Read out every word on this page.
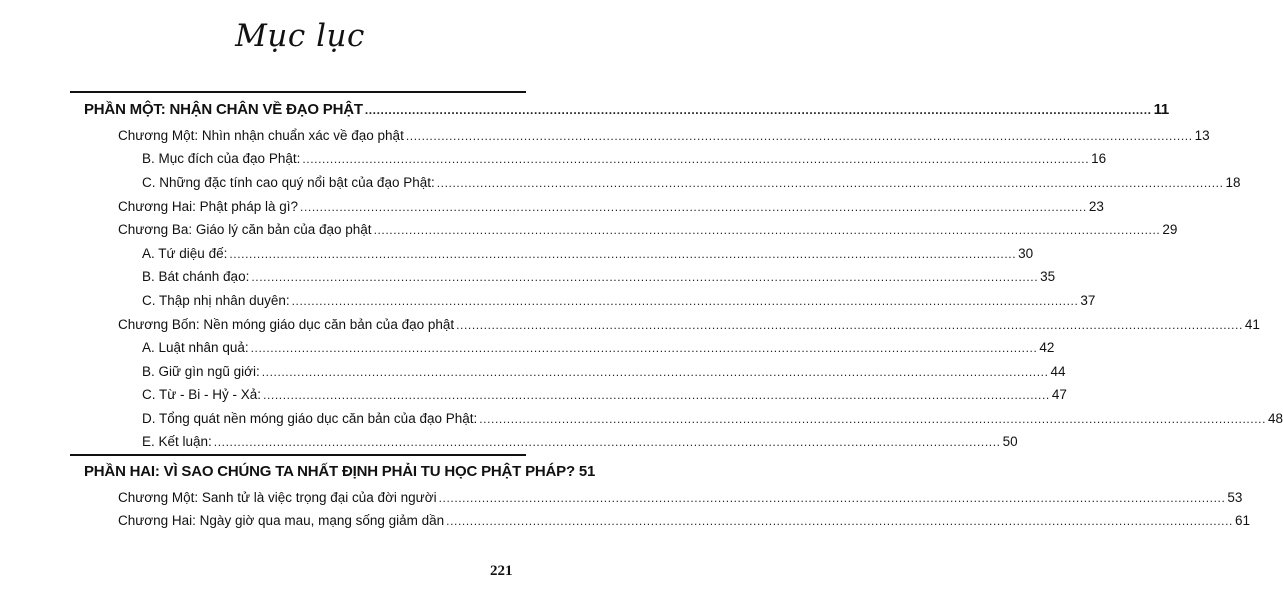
Mục lục
PHẦN MỘT: NHẬN CHÂN VỀ ĐẠO PHẬT ........................................................................................................................................................................................................ 11
Chương Một: Nhìn nhận chuẩn xác về đạo phật ........................................................................................................................................................................................................ 13
B. Mục đích của đạo Phật: ........................................................................................................................................................................................................ 16
C. Những đặc tính cao quý nổi bật của đạo Phật: ........................................................................................................................................................................................................ 18
Chương Hai: Phật pháp là gì? ........................................................................................................................................................................................................ 23
Chương Ba: Giáo lý căn bản của đạo phật ........................................................................................................................................................................................................ 29
A. Tứ diệu đế: ........................................................................................................................................................................................................ 30
B. Bát chánh đạo: ........................................................................................................................................................................................................ 35
C. Thập nhị nhân duyên: ........................................................................................................................................................................................................ 37
Chương Bốn: Nền móng giáo dục căn bản của đạo phật ........................................................................................................................................................................................................ 41
A. Luật nhân quả: ........................................................................................................................................................................................................ 42
B. Giữ gìn ngũ giới: ........................................................................................................................................................................................................ 44
C. Từ - Bi - Hỷ - Xả: ........................................................................................................................................................................................................ 47
D. Tổng quát nền móng giáo dục căn bản của đạo Phật: ........................................................................................................................................................................................................ 48
E. Kết luận: ........................................................................................................................................................................................................ 50
PHẦN HAI: VÌ SAO CHÚNG TA NHẤT ĐỊNH PHẢI TU HỌC PHẬT PHÁP? 51
Chương Một: Sanh tử là việc trọng đại của đời người ........................................................................................................................................................................................................ 53
Chương Hai: Ngày giờ qua mau, mạng sống giảm dần ........................................................................................................................................................................................................ 61
221
